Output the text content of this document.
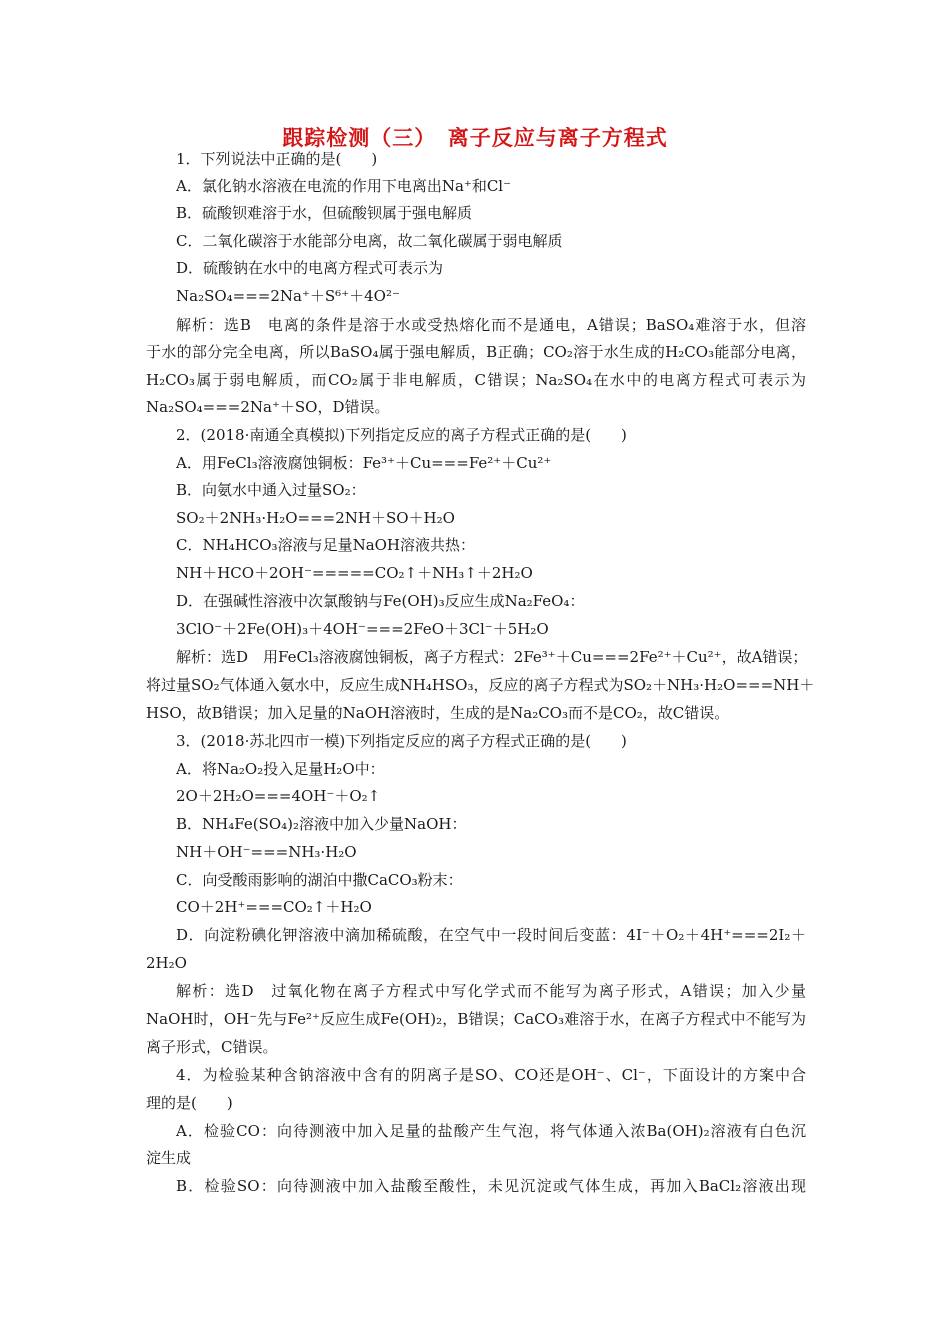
跟踪检测（三）　离子反应与离子方程式
1．下列说法中正确的是(　　)
A．氯化钠水溶液在电流的作用下电离出Na⁺和Cl⁻
B．硫酸钡难溶于水，但硫酸钡属于强电解质
C．二氧化碳溶于水能部分电离，故二氧化碳属于弱电解质
D．硫酸钠在水中的电离方程式可表示为
Na₂SO₄===2Na⁺＋S⁶⁺＋4O²⁻
解析：选B　电离的条件是溶于水或受热熔化而不是通电，A错误；BaSO₄难溶于水，但溶
于水的部分完全电离，所以BaSO₄属于强电解质，B正确；CO₂溶于水生成的H₂CO₃能部分电离，
H₂CO₃属于弱电解质，而CO₂属于非电解质，C错误；Na₂SO₄在水中的电离方程式可表示为
Na₂SO₄===2Na⁺＋SO，D错误。
2．(2018·南通全真模拟)下列指定反应的离子方程式正确的是(　　)
A．用FeCl₃溶液腐蚀铜板：Fe³⁺＋Cu===Fe²⁺＋Cu²⁺
B．向氨水中通入过量SO₂：
SO₂＋2NH₃·H₂O===2NH＋SO＋H₂O
C．NH₄HCO₃溶液与足量NaOH溶液共热：
NH＋HCO＋2OH⁻=====CO₂↑＋NH₃↑＋2H₂O
D．在强碱性溶液中次氯酸钠与Fe(OH)₃反应生成Na₂FeO₄：
3ClO⁻＋2Fe(OH)₃＋4OH⁻===2FeO＋3Cl⁻＋5H₂O
解析：选D　用FeCl₃溶液腐蚀铜板，离子方程式：2Fe³⁺＋Cu===2Fe²⁺＋Cu²⁺，故A错误；
将过量SO₂气体通入氨水中，反应生成NH₄HSO₃，反应的离子方程式为SO₂＋NH₃·H₂O===NH＋
HSO，故B错误；加入足量的NaOH溶液时，生成的是Na₂CO₃而不是CO₂，故C错误。
3．(2018·苏北四市一模)下列指定反应的离子方程式正确的是(　　)
A．将Na₂O₂投入足量H₂O中：
2O＋2H₂O===4OH⁻＋O₂↑
B．NH₄Fe(SO₄)₂溶液中加入少量NaOH：
NH＋OH⁻===NH₃·H₂O
C．向受酸雨影响的湖泊中撒CaCO₃粉末：
CO＋2H⁺===CO₂↑＋H₂O
D．向淀粉碘化钾溶液中滴加稀硫酸，在空气中一段时间后变蓝：4I⁻＋O₂＋4H⁺===2I₂＋
2H₂O
解析：选D　过氧化物在离子方程式中写化学式而不能写为离子形式，A错误；加入少量
NaOH时，OH⁻先与Fe²⁺反应生成Fe(OH)₂，B错误；CaCO₃难溶于水，在离子方程式中不能写为
离子形式，C错误。
4．为检验某种含钠溶液中含有的阴离子是SO、CO还是OH⁻、Cl⁻，下面设计的方案中合
理的是(　　)
A．检验CO：向待测液中加入足量的盐酸产生气泡，将气体通入浓Ba(OH)₂溶液有白色沉
淀生成
B．检验SO：向待测液中加入盐酸至酸性，未见沉淀或气体生成，再加入BaCl₂溶液出现
